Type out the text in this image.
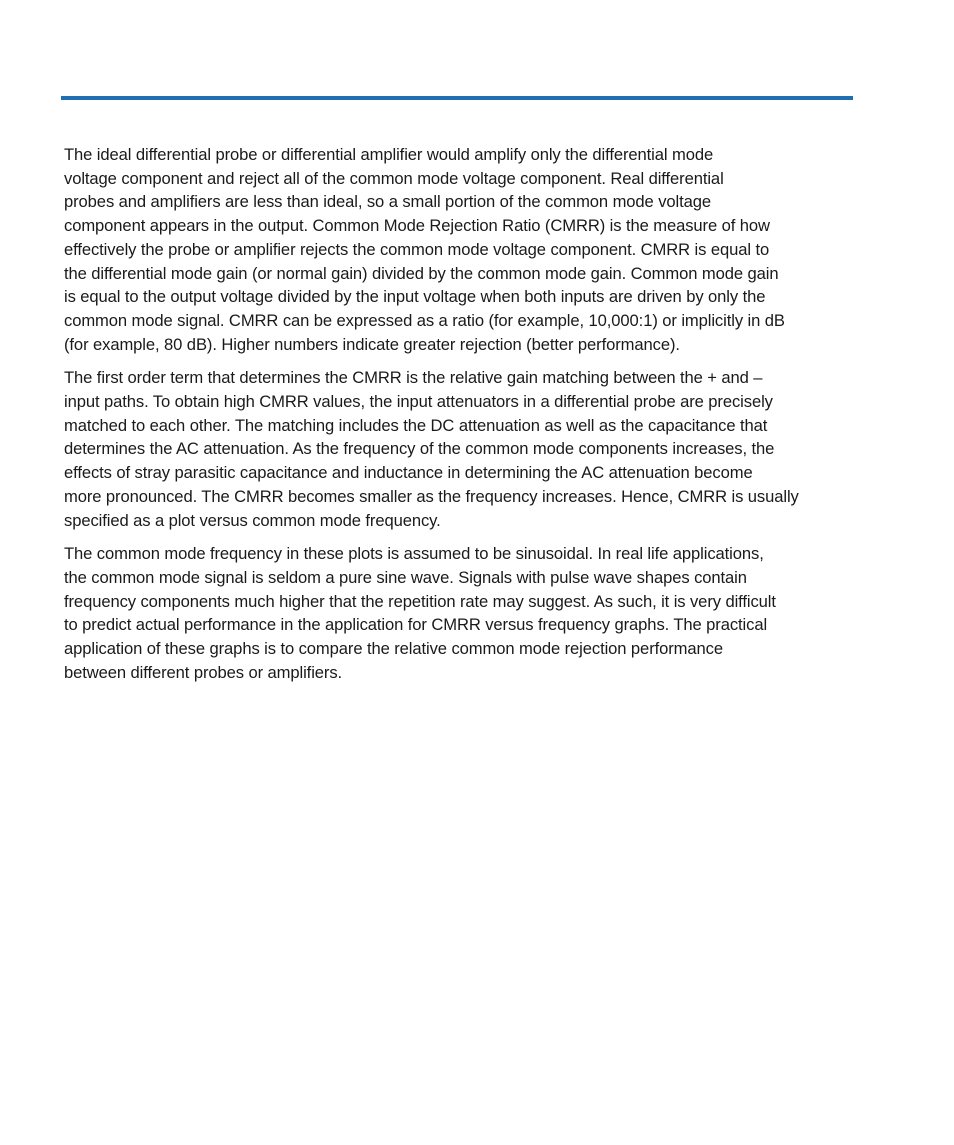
The ideal differential probe or differential amplifier would amplify only the differential mode
voltage component and reject all of the common mode voltage component. Real differential
probes and amplifiers are less than ideal, so a small portion of the common mode voltage
component appears in the output. Common Mode Rejection Ratio (CMRR) is the measure of how
effectively the probe or amplifier rejects the common mode voltage component. CMRR is equal to
the differential mode gain (or normal gain) divided by the common mode gain. Common mode gain
is equal to the output voltage divided by the input voltage when both inputs are driven by only the
common mode signal. CMRR can be expressed as a ratio (for example, 10,000:1) or implicitly in dB
(for example, 80 dB). Higher numbers indicate greater rejection (better performance).

The first order term that determines the CMRR is the relative gain matching between the + and –
input paths. To obtain high CMRR values, the input attenuators in a differential probe are precisely
matched to each other. The matching includes the DC attenuation as well as the capacitance that
determines the AC attenuation. As the frequency of the common mode components increases, the
effects of stray parasitic capacitance and inductance in determining the AC attenuation become
more pronounced. The CMRR becomes smaller as the frequency increases. Hence, CMRR is usually
specified as a plot versus common mode frequency.

The common mode frequency in these plots is assumed to be sinusoidal. In real life applications,
the common mode signal is seldom a pure sine wave. Signals with pulse wave shapes contain
frequency components much higher that the repetition rate may suggest. As such, it is very difficult
to predict actual performance in the application for CMRR versus frequency graphs. The practical
application of these graphs is to compare the relative common mode rejection performance
between different probes or amplifiers.
